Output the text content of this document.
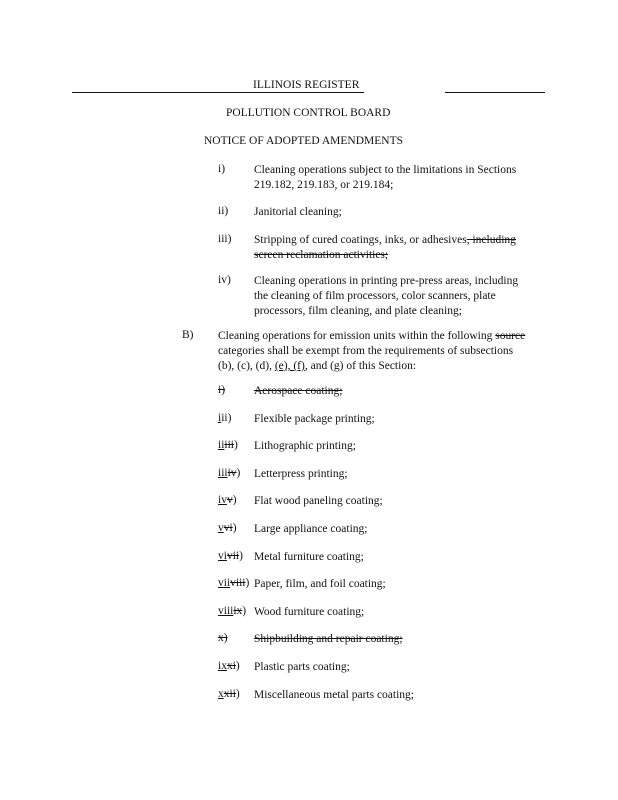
ILLINOIS REGISTER
POLLUTION CONTROL BOARD
NOTICE OF ADOPTED AMENDMENTS
i)	Cleaning operations subject to the limitations in Sections
219.182, 219.183, or 219.184;
ii) Janitorial cleaning;
iii) Stripping of cured coatings, inks, or adhesives, including
screen reclamation activities;
iv) Cleaning operations in printing pre-press areas, including
the cleaning of film processors, color scanners, plate
processors, film cleaning, and plate cleaning;
B) Cleaning operations for emission units within the following source
categories shall be exempt from the requirements of subsections
(b), (c), (d), (e), (f), and (g) of this Section:
i)	Aerospace coating;
iii) Flexible package printing;
iiiii) Lithographic printing;
iiiiv) Letterpress printing;
ivv) Flat wood paneling coating;
vvi) Large appliance coating;
vivii) Metal furniture coating;
viiviii) Paper, film, and foil coating;
viiiix) Wood furniture coating;
x) Shipbuilding and repair coating;
ixxi) Plastic parts coating;
xxii) Miscellaneous metal parts coating;
